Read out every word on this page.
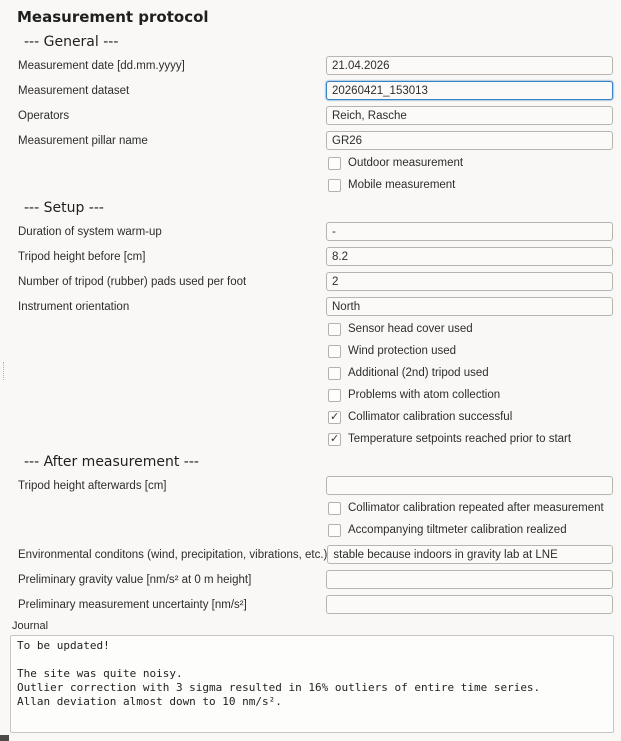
Measurement protocol
--- General ---
Measurement date [dd.mm.yyyy]
21.04.2026
Measurement dataset
20260421_153013
Operators
Reich, Rasche
Measurement pillar name
GR26
Outdoor measurement
Mobile measurement
--- Setup ---
Duration of system warm-up
-
Tripod height before [cm]
8.2
Number of tripod (rubber) pads used per foot
2
Instrument orientation
North
Sensor head cover used
Wind protection used
Additional (2nd) tripod used
Problems with atom collection
✓
Collimator calibration successful
✓
Temperature setpoints reached prior to start
--- After measurement ---
Tripod height afterwards [cm]
Collimator calibration repeated after measurement
Accompanying tiltmeter calibration realized
Environmental conditons (wind, precipitation, vibrations, etc.)
stable because indoors in gravity lab at LNE
Preliminary gravity value [nm/s² at 0 m height]
Preliminary measurement uncertainty [nm/s²]
Journal
To be updated! The site was quite noisy. Outlier correction with 3 sigma resulted in 16% outliers of entire time series. Allan deviation almost down to 10 nm/s².
